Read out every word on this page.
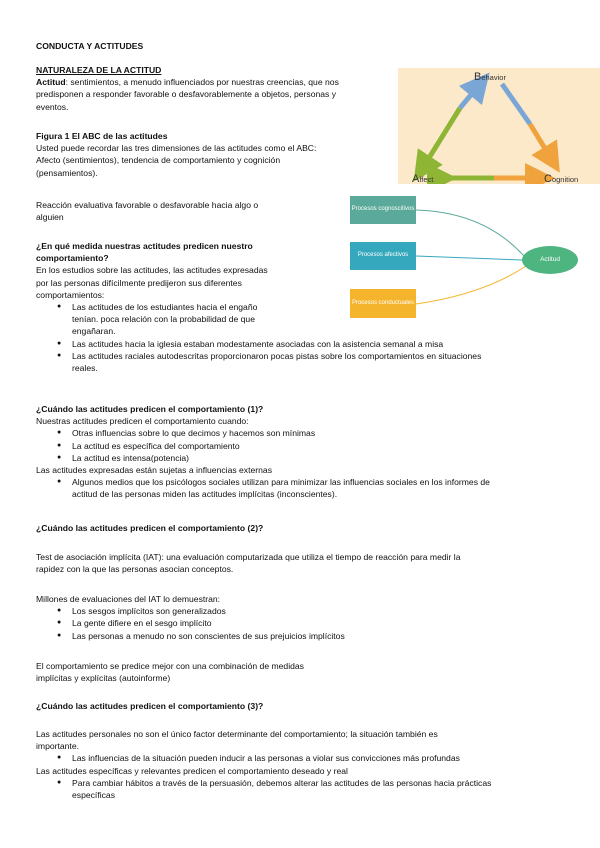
CONDUCTA Y ACTITUDES

NATURALEZA DE LA ACTITUD

Actitud: sentimientos, a menudo influenciados por nuestras creencias, que nos

predisponen a responder favorable o desfavorablemente a objetos, personas y

eventos.

Figura 1 El ABC de las actitudes

Usted puede recordar las tres dimensiones de las actitudes como el ABC:

Afecto (sentimientos), tendencia de comportamiento y cognición

(pensamientos).

Reacción evaluativa favorable o desfavorable hacia algo o

alguien

¿En qué medida nuestras actitudes predicen nuestro

comportamiento?

En los estudios sobre las actitudes, las actitudes expresadas

por las personas difícilmente predijeron sus diferentes

comportamientos:

● Las actitudes de los estudiantes hacia el engaño
tenían. poca relación con la probabilidad de que
engañaran.
● Las actitudes hacia la iglesia estaban modestamente asociadas con la asistencia semanal a misa
● Las actitudes raciales autodescritas proporcionaron pocas pistas sobre los comportamientos en situaciones
reales.

¿Cuándo las actitudes predicen el comportamiento (1)?

Nuestras actitudes predicen el comportamiento cuando:

● Otras influencias sobre lo que decimos y hacemos son mínimas
● La actitud es específica del comportamiento
● La actitud es intensa(potencia)

Las actitudes expresadas están sujetas a influencias externas

● Algunos medios que los psicólogos sociales utilizan para minimizar las influencias sociales en los informes de
actitud de las personas miden las actitudes implícitas (inconscientes).

¿Cuándo las actitudes predicen el comportamiento (2)?

Test de asociación implícita (IAT): una evaluación computarizada que utiliza el tiempo de reacción para medir la

rapidez con la que las personas asocian conceptos.

Millones de evaluaciones del IAT lo demuestran:

● Los sesgos implícitos son generalizados
● La gente difiere en el sesgo implícito
● Las personas a menudo no son conscientes de sus prejuicios implícitos

El comportamiento se predice mejor con una combinación de medidas

implícitas y explícitas (autoinforme)

¿Cuándo las actitudes predicen el comportamiento (3)?

Las actitudes personales no son el único factor determinante del comportamiento; la situación también es

importante.

● Las influencias de la situación pueden inducir a las personas a violar sus convicciones más profundas

Las actitudes específicas y relevantes predicen el comportamiento deseado y real

● Para cambiar hábitos a través de la persuasión, debemos alterar las actitudes de las personas hacia prácticas
específicas
Behavior
Affect	Cognition
Procesos cognoscitivos
Procesos afectivos
Procesos conductuales
Actitud
